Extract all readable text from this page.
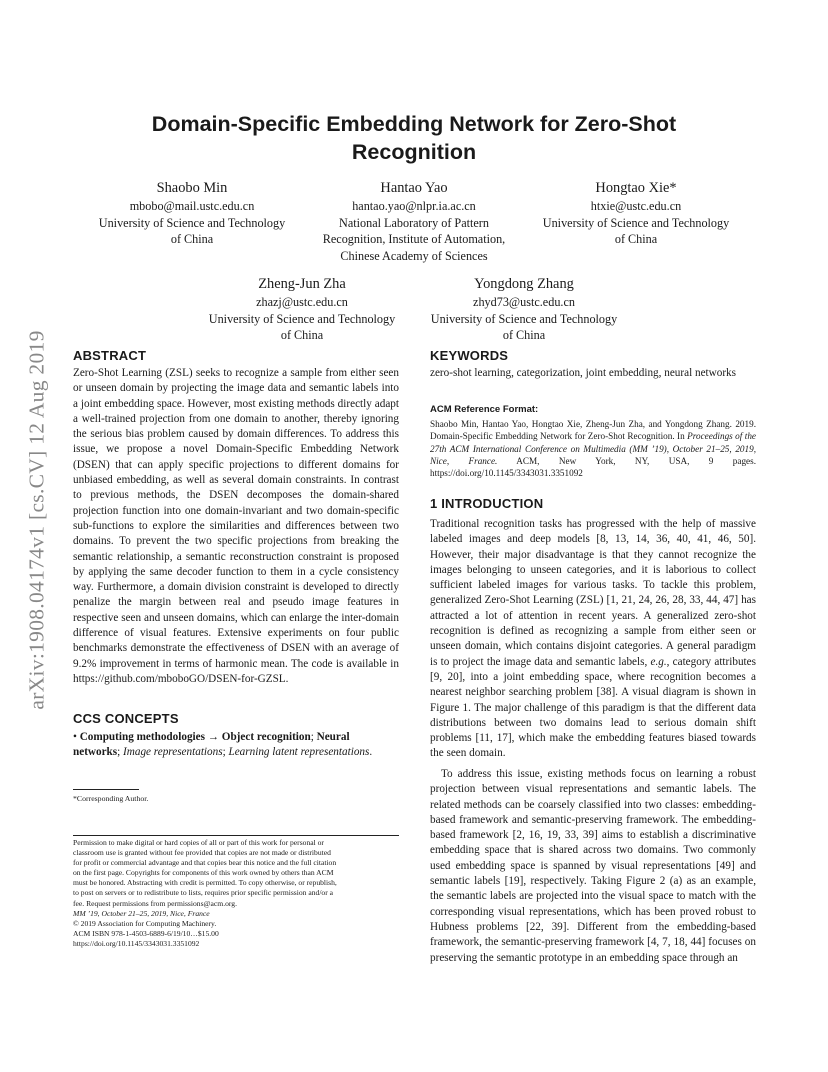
arXiv:1908.04174v1 [cs.CV] 12 Aug 2019
Domain-Specific Embedding Network for Zero-Shot Recognition
Shaobo Min
mbobo@mail.ustc.edu.cn
University of Science and Technology
of China
Hantao Yao
hantao.yao@nlpr.ia.ac.cn
National Laboratory of Pattern
Recognition, Institute of Automation,
Chinese Academy of Sciences
Hongtao Xie*
htxie@ustc.edu.cn
University of Science and Technology
of China
Zheng-Jun Zha
zhazj@ustc.edu.cn
University of Science and Technology
of China
Yongdong Zhang
zhyd73@ustc.edu.cn
University of Science and Technology
of China
ABSTRACT

Zero-Shot Learning (ZSL) seeks to recognize a sample from either seen or unseen domain by projecting the image data and semantic labels into a joint embedding space. However, most existing methods directly adapt a well-trained projection from one domain to another, thereby ignoring the serious bias problem caused by domain differences. To address this issue, we propose a novel Domain-Specific Embedding Network (DSEN) that can apply specific projections to different domains for unbiased embedding, as well as several domain constraints. In contrast to previous methods, the DSEN decomposes the domain-shared projection function into one domain-invariant and two domain-specific sub-functions to explore the similarities and differences between two domains. To prevent the two specific projections from breaking the semantic relationship, a semantic reconstruction constraint is proposed by applying the same decoder function to them in a cycle consistency way. Furthermore, a domain division constraint is developed to directly penalize the margin between real and pseudo image features in respective seen and unseen domains, which can enlarge the inter-domain difference of visual features. Extensive experiments on four public benchmarks demonstrate the effectiveness of DSEN with an average of 9.2% improvement in terms of harmonic mean. The code is available in https://github.com/mboboGO/DSEN-for-GZSL.

CCS CONCEPTS

• Computing methodologies → Object recognition; Neural networks; Image representations; Learning latent representations.

*Corresponding Author.

Permission to make digital or hard copies of all or part of this work for personal or
classroom use is granted without fee provided that copies are not made or distributed
for profit or commercial advantage and that copies bear this notice and the full citation
on the first page. Copyrights for components of this work owned by others than ACM
must be honored. Abstracting with credit is permitted. To copy otherwise, or republish,
to post on servers or to redistribute to lists, requires prior specific permission and/or a
fee. Request permissions from permissions@acm.org.
MM ’19, October 21–25, 2019, Nice, France
© 2019 Association for Computing Machinery.
ACM ISBN 978-1-4503-6889-6/19/10…$15.00
https://doi.org/10.1145/3343031.3351092

KEYWORDS

zero-shot learning, categorization, joint embedding, neural networks

ACM Reference Format:

Shaobo Min, Hantao Yao, Hongtao Xie, Zheng-Jun Zha, and Yongdong Zhang. 2019. Domain-Specific Embedding Network for Zero-Shot Recognition. In Proceedings of the 27th ACM International Conference on Multimedia (MM ’19), October 21–25, 2019, Nice, France. ACM, New York, NY, USA, 9 pages. https://doi.org/10.1145/3343031.3351092

1 INTRODUCTION

Traditional recognition tasks has progressed with the help of massive labeled images and deep models [8, 13, 14, 36, 40, 41, 46, 50]. However, their major disadvantage is that they cannot recognize the images belonging to unseen categories, and it is laborious to collect sufficient labeled images for various tasks. To tackle this problem, generalized Zero-Shot Learning (ZSL) [1, 21, 24, 26, 28, 33, 44, 47] has attracted a lot of attention in recent years. A generalized zero-shot recognition is defined as recognizing a sample from either seen or unseen domain, which contains disjoint categories. A general paradigm is to project the image data and semantic labels, e.g., category attributes [9, 20], into a joint embedding space, where recognition becomes a nearest neighbor searching problem [38]. A visual diagram is shown in Figure 1. The major challenge of this paradigm is that the different data distributions between two domains lead to serious domain shift problems [11, 17], which make the embedding features biased towards the seen domain.

To address this issue, existing methods focus on learning a robust projection between visual representations and semantic labels. The related methods can be coarsely classified into two classes: embedding-based framework and semantic-preserving framework. The embedding-based framework [2, 16, 19, 33, 39] aims to establish a discriminative embedding space that is shared across two domains. Two commonly used embedding space is spanned by visual representations [49] and semantic labels [19], respectively. Taking Figure 2 (a) as an example, the semantic labels are projected into the visual space to match with the corresponding visual representations, which has been proved robust to Hubness problems [22, 39]. Different from the embedding-based framework, the semantic-preserving framework [4, 7, 18, 44] focuses on preserving the semantic prototype in an embedding space through an
